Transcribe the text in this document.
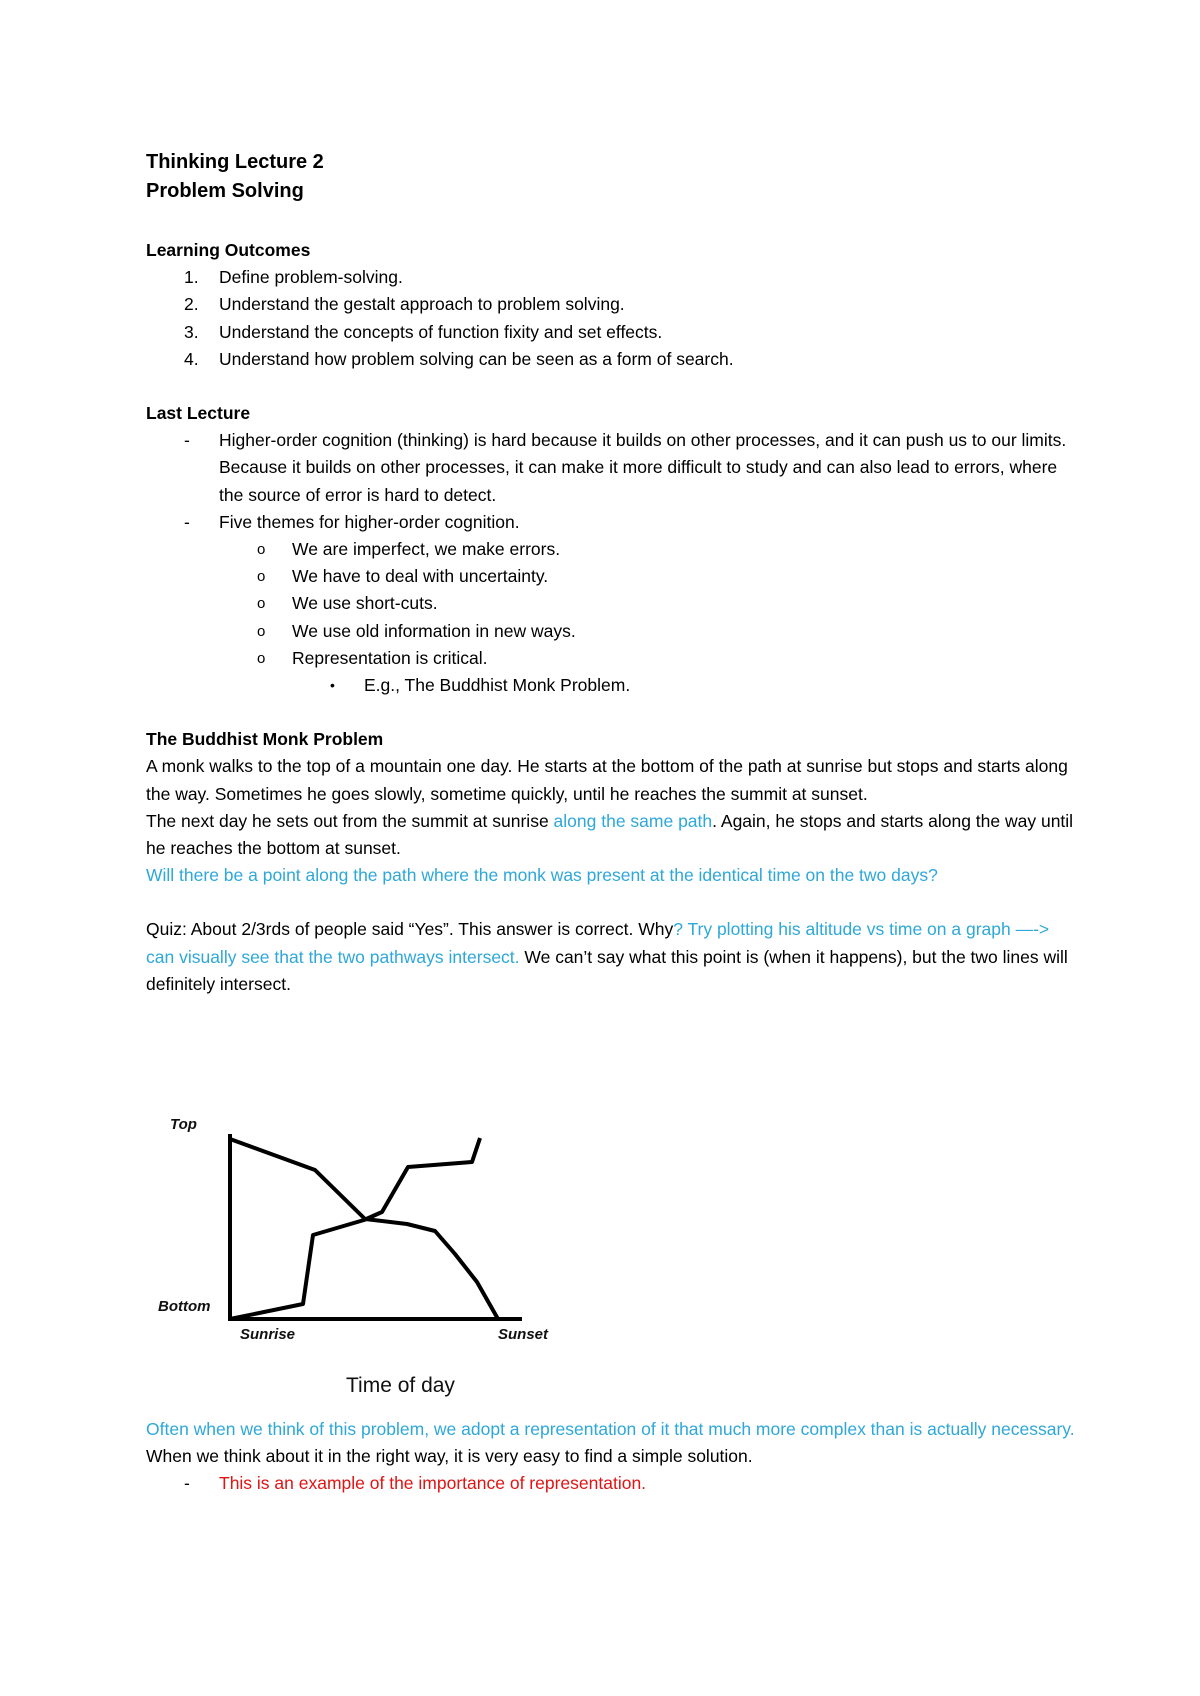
Thinking Lecture 2

Problem Solving

Learning Outcomes

1.	Define problem-solving.
2.	Understand the gestalt approach to problem solving.
3.	Understand the concepts of function fixity and set effects.
4.	Understand how problem solving can be seen as a form of search.

Last Lecture

- Higher-order cognition (thinking) is hard because it builds on other processes, and it can push us to our limits. Because it builds on other processes, it can make it more difficult to study and can also lead to errors, where the source of error is hard to detect.
- Five themes for higher-order cognition.
o We are imperfect, we make errors.
o We have to deal with uncertainty.
o We use short-cuts.
o We use old information in new ways.
o Representation is critical.
• E.g., The Buddhist Monk Problem.

The Buddhist Monk Problem

A monk walks to the top of a mountain one day. He starts at the bottom of the path at sunrise but stops and starts along the way. Sometimes he goes slowly, sometime quickly, until he reaches the summit at sunset.

The next day he sets out from the summit at sunrise along the same path. Again, he stops and starts along the way until he reaches the bottom at sunset.

Will there be a point along the path where the monk was present at the identical time on the two days?

Quiz: About 2/3rds of people said “Yes”. This answer is correct. Why? Try plotting his altitude vs time on a graph —-> can visually see that the two pathways intersect. We can’t say what this point is (when it happens), but the two lines will definitely intersect.

Top
Bottom
Sunrise	Sunset
Time of day

Often when we think of this problem, we adopt a representation of it that much more complex than is actually necessary. When we think about it in the right way, it is very easy to find a simple solution.

- This is an example of the importance of representation.
